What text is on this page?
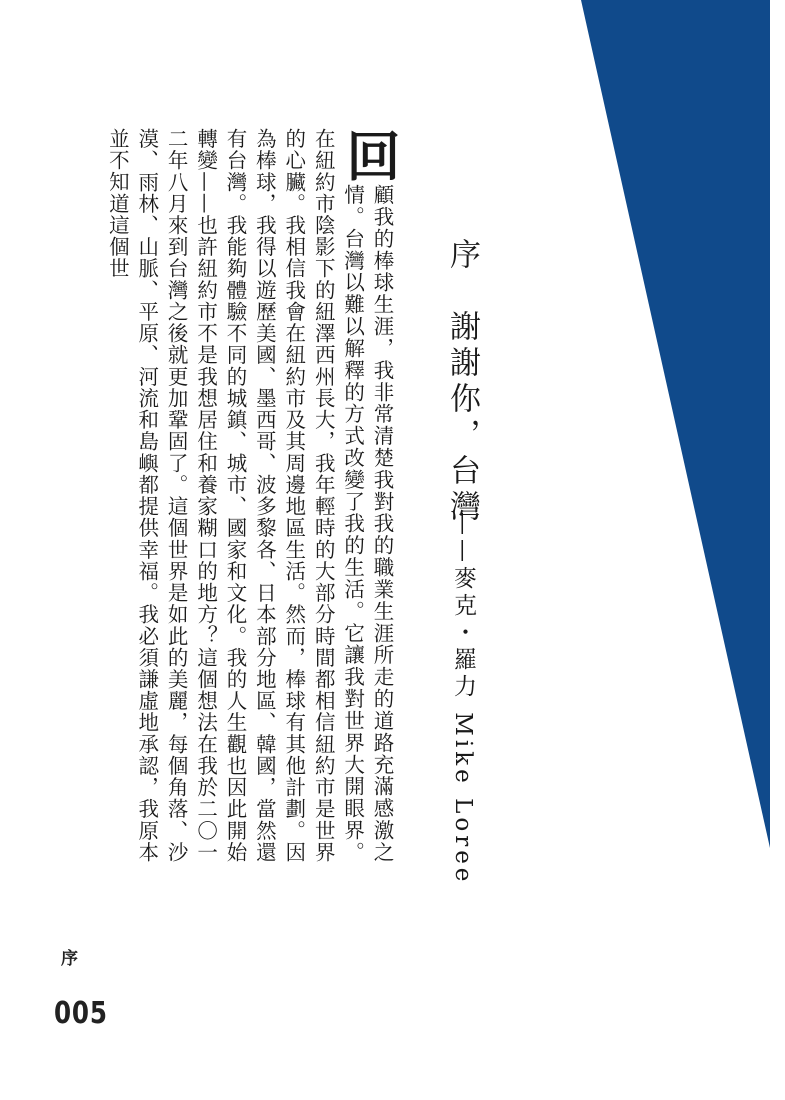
序　謝謝你，台灣
——麥克・羅力 Mike Loree
回
顧我的棒球生涯，我非常清楚我對我的職業生涯所走的道路充滿感激之情。台灣以難以解釋的方式改變了我的生活。它讓我對世界大開眼界。在紐約市陰影下的紐澤西州長大，我年輕時的大部分時間都相信紐約市是世界的心臟。我相信我會在紐約市及其周邊地區生活。然而，棒球有其他計劃。因為棒球，我得以遊歷美國、墨西哥、波多黎各、日本部分地區、韓國，當然還有台灣。我能夠體驗不同的城鎮、城市、國家和文化。我的人生觀也因此開始轉變——也許紐約市不是我想居住和養家糊口的地方？這個想法在我於二〇一二年八月來到台灣之後就更加鞏固了。這個世界是如此的美麗，每個角落、沙漠、雨林、山脈、平原、河流和島嶼都提供幸福。我必須謙虛地承認，我原本並不知道這個世
序
005
